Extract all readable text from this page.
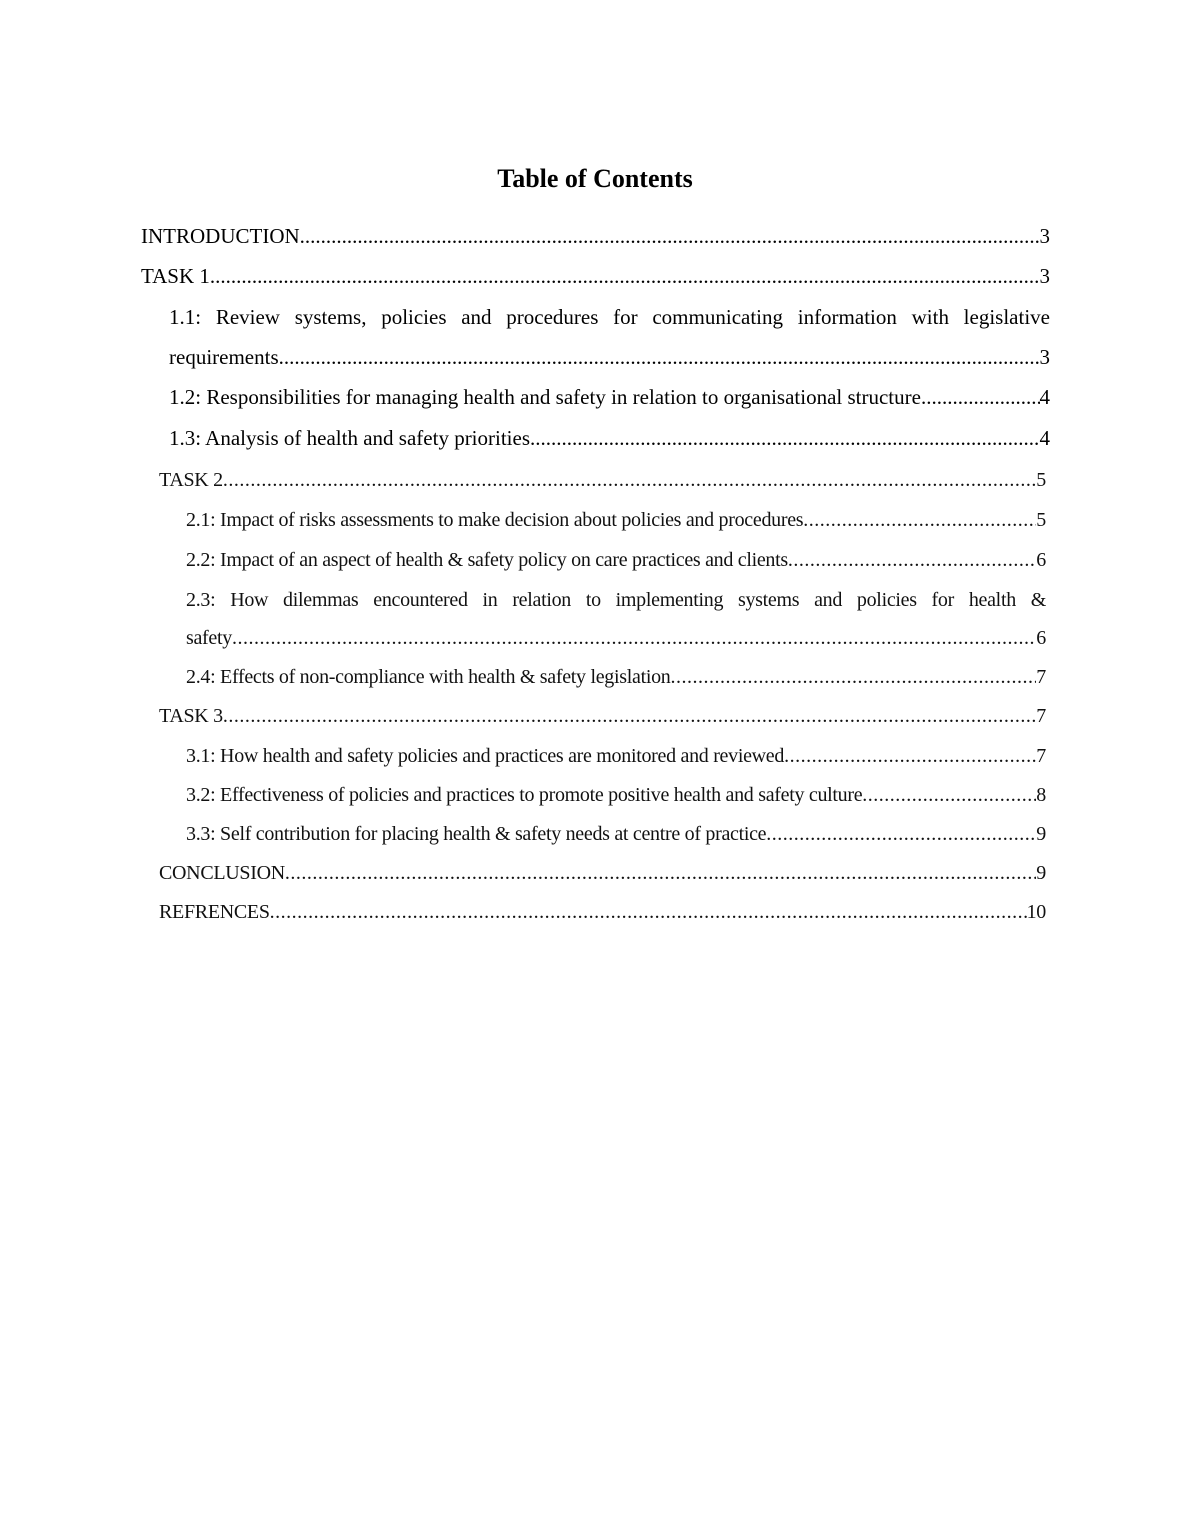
Table of Contents
INTRODUCTION .....	3
TASK 1 .....	3
1.1: Review systems, policies and procedures for communicating information with legislative
requirements .....	3
1.2: Responsibilities for managing health and safety in relation to organisational structure .....	4
1.3: Analysis of health and safety priorities .....	4
TASK 2 .....	5
2.1: Impact of risks assessments to make decision about policies and procedures .....	5
2.2: Impact of an aspect of health & safety policy on care practices and clients .....	6
2.3: How dilemmas encountered in relation to implementing systems and policies for health &
safety .....	6
2.4: Effects of non-compliance with health & safety legislation .....	7
TASK 3 .....	7
3.1: How health and safety policies and practices are monitored and reviewed .....	7
3.2: Effectiveness of policies and practices to promote positive health and safety culture .....	8
3.3: Self contribution for placing health & safety needs at centre of practice .....	9
CONCLUSION .....	9
REFRENCES .....	10
